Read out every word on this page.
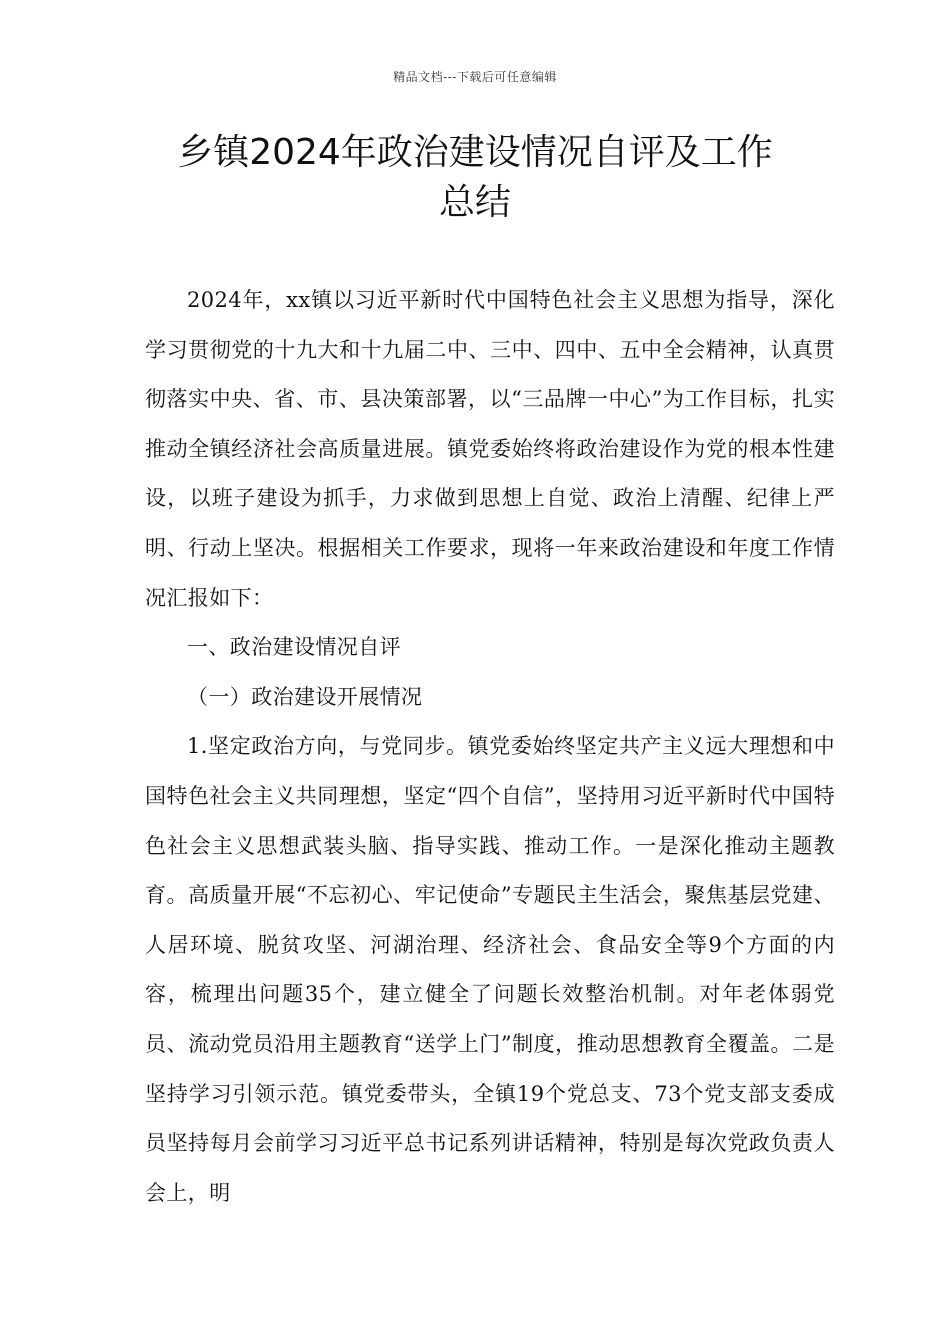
精品文档---下载后可任意编辑
乡镇2024年政治建设情况自评及工作
总结

2024年，xx镇以习近平新时代中国特色社会主义思想为指导，深化学习贯彻党的十九大和十九届二中、三中、四中、五中全会精神，认真贯彻落实中央、省、市、县决策部署，以“三品牌一中心”为工作目标，扎实推动全镇经济社会高质量进展。镇党委始终将政治建设作为党的根本性建设，以班子建设为抓手，力求做到思想上自觉、政治上清醒、纪律上严明、行动上坚决。根据相关工作要求，现将一年来政治建设和年度工作情况汇报如下：

一、政治建设情况自评

（一）政治建设开展情况

1.坚定政治方向，与党同步。镇党委始终坚定共产主义远大理想和中国特色社会主义共同理想，坚定“四个自信”，坚持用习近平新时代中国特色社会主义思想武装头脑、指导实践、推动工作。一是深化推动主题教育。高质量开展“不忘初心、牢记使命”专题民主生活会，聚焦基层党建、人居环境、脱贫攻坚、河湖治理、经济社会、食品安全等9个方面的内容，梳理出问题35个，建立健全了问题长效整治机制。对年老体弱党员、流动党员沿用主题教育“送学上门”制度，推动思想教育全覆盖。二是坚持学习引领示范。镇党委带头，全镇19个党总支、73个党支部支委成员坚持每月会前学习习近平总书记系列讲话精神，特别是每次党政负责人会上，明
